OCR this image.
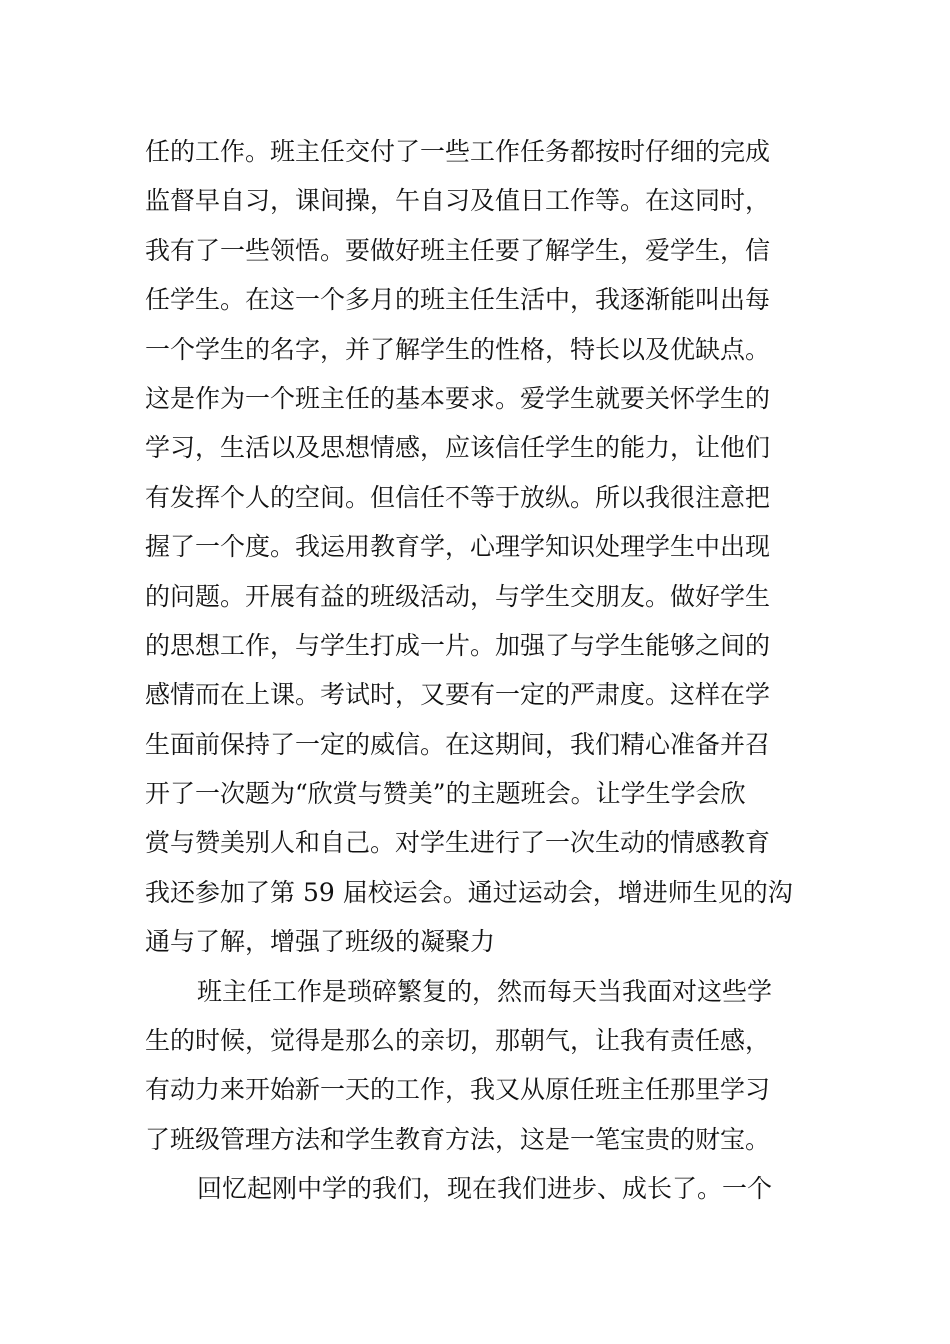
任的工作。班主任交付了一些工作任务都按时仔细的完成
监督早自习，课间操，午自习及值日工作等。在这同时，
我有了一些领悟。要做好班主任要了解学生，爱学生，信
任学生。在这一个多月的班主任生活中，我逐渐能叫出每
一个学生的名字，并了解学生的性格，特长以及优缺点。
这是作为一个班主任的基本要求。爱学生就要关怀学生的
学习，生活以及思想情感，应该信任学生的能力，让他们
有发挥个人的空间。但信任不等于放纵。所以我很注意把
握了一个度。我运用教育学，心理学知识处理学生中出现
的问题。开展有益的班级活动，与学生交朋友。做好学生
的思想工作，与学生打成一片。加强了与学生能够之间的
感情而在上课。考试时，又要有一定的严肃度。这样在学
生面前保持了一定的威信。在这期间，我们精心准备并召
开了一次题为“欣赏与赞美”的主题班会。让学生学会欣
赏与赞美别人和自己。对学生进行了一次生动的情感教育
我还参加了第 59 届校运会。通过运动会，增进师生见的沟
通与了解，增强了班级的凝聚力
班主任工作是琐碎繁复的，然而每天当我面对这些学
生的时候，觉得是那么的亲切，那朝气，让我有责任感，
有动力来开始新一天的工作，我又从原任班主任那里学习
了班级管理方法和学生教育方法，这是一笔宝贵的财宝。
回忆起刚中学的我们，现在我们进步、成长了。一个
